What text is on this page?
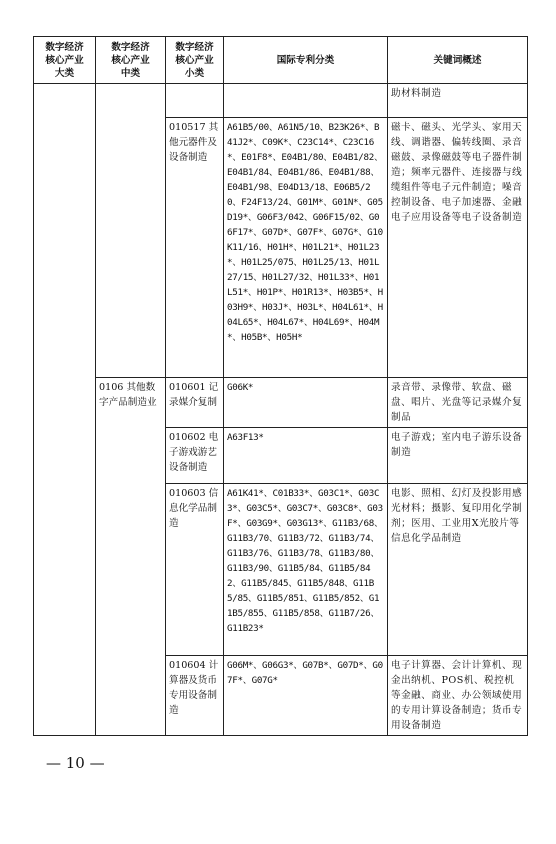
数字经济
核心产业
大类	数字经济
核心产业
中类	数字经济
核心产业
小类	国际专利分类	关键词概述
				助材料制造
		010517 其他元器件及设备制造	A61B5/00、A61N5/10、B23K26*、B41J2*、C09K*、C23C14*、C23C16*、E01F8*、E04B1/80、E04B1/82、E04B1/84、E04B1/86、E04B1/88、E04B1/98、E04D13/18、E06B5/20、F24F13/24、G01M*、G01N*、G05D19*、G06F3/042、G06F15/02、G06F17*、G07D*、G07F*、G07G*、G10K11/16、H01H*、H01L21*、H01L23*、H01L25/075、H01L25/13、H01L27/15、H01L27/32、H01L33*、H01L51*、H01P*、H01R13*、H03B5*、H03H9*、H03J*、H03L*、H04L61*、H04L65*、H04L67*、H04L69*、H04M*、H05B*、H05H*	磁卡、磁头、光学头、家用天线、调谐器、偏转线圈、录音磁鼓、录像磁鼓等电子器件制造；频率元器件、连接器与线缆组件等电子元件制造；噪音控制设备、电子加速器、金融电子应用设备等电子设备制造
	0106 其他数字产品制造业	010601 记录媒介复制	G06K*	录音带、录像带、软盘、磁盘、唱片、光盘等记录媒介复制品
		010602 电子游戏游艺设备制造	A63F13*	电子游戏；室内电子游乐设备制造
		010603 信息化学品制造	A61K41*、C01B33*、G03C1*、G03C3*、G03C5*、G03C7*、G03C8*、G03F*、G03G9*、G03G13*、G11B3/68、G11B3/70、G11B3/72、G11B3/74、G11B3/76、G11B3/78、G11B3/80、G11B3/90、G11B5/84、G11B5/842、G11B5/845、G11B5/848、G11B5/85、G11B5/851、G11B5/852、G11B5/855、G11B5/858、G11B7/26、G11B23*	电影、照相、幻灯及投影用感光材料；摄影、复印用化学制剂；医用、工业用X光胶片等信息化学品制造
		010604 计算器及货币专用设备制造	G06M*、G06G3*、G07B*、G07D*、G07F*、G07G*	电子计算器、会计计算机、现金出纳机、POS机、税控机等金融、商业、办公领域使用的专用计算设备制造；货币专用设备制造
— 10 —
